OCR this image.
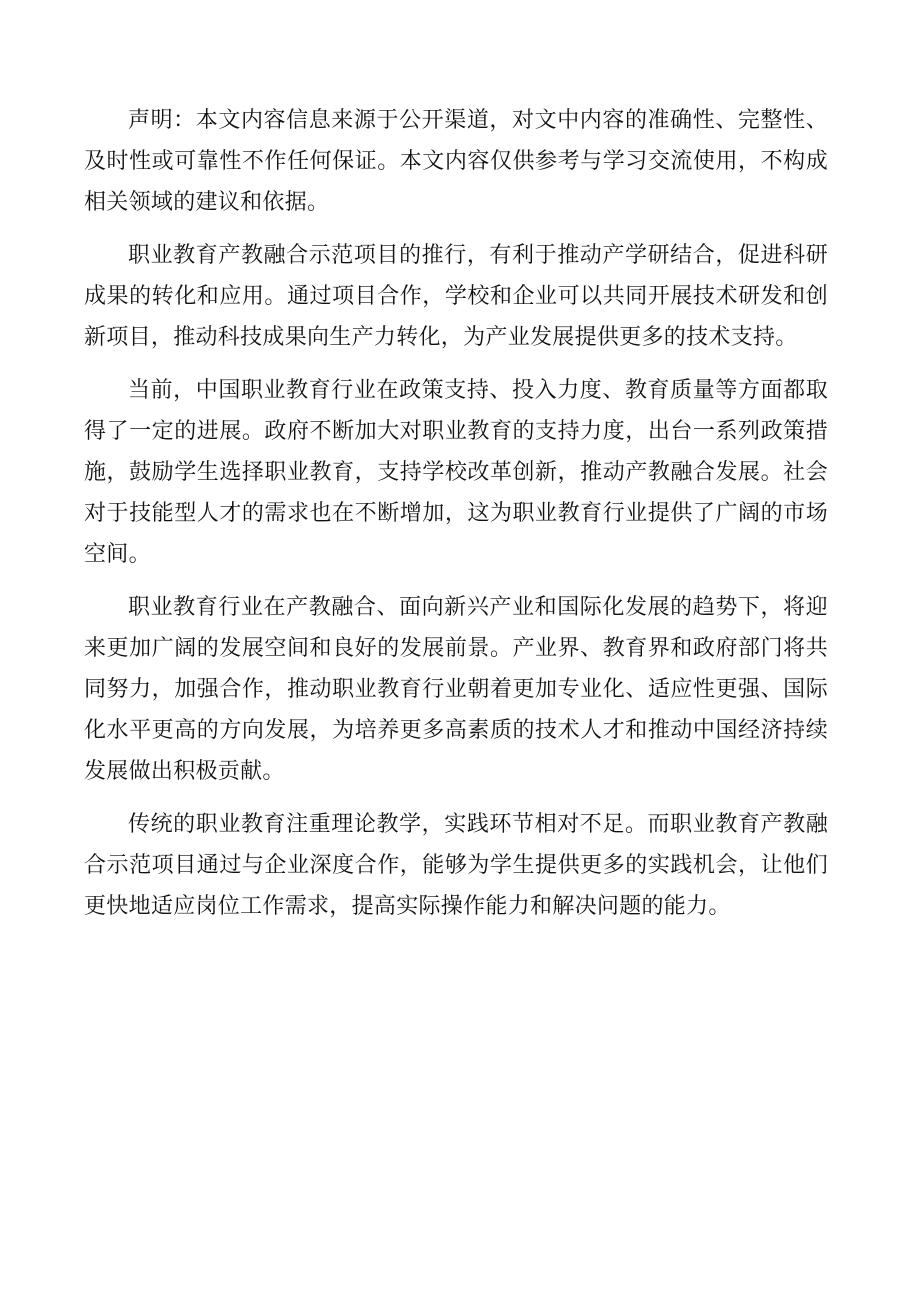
声明：本文内容信息来源于公开渠道，对文中内容的准确性、完整性、及时性或可靠性不作任何保证。本文内容仅供参考与学习交流使用，不构成相关领域的建议和依据。

职业教育产教融合示范项目的推行，有利于推动产学研结合，促进科研成果的转化和应用。通过项目合作，学校和企业可以共同开展技术研发和创新项目，推动科技成果向生产力转化，为产业发展提供更多的技术支持。

当前，中国职业教育行业在政策支持、投入力度、教育质量等方面都取得了一定的进展。政府不断加大对职业教育的支持力度，出台一系列政策措施，鼓励学生选择职业教育，支持学校改革创新，推动产教融合发展。社会对于技能型人才的需求也在不断增加，这为职业教育行业提供了广阔的市场空间。

职业教育行业在产教融合、面向新兴产业和国际化发展的趋势下，将迎来更加广阔的发展空间和良好的发展前景。产业界、教育界和政府部门将共同努力，加强合作，推动职业教育行业朝着更加专业化、适应性更强、国际化水平更高的方向发展，为培养更多高素质的技术人才和推动中国经济持续发展做出积极贡献。

传统的职业教育注重理论教学，实践环节相对不足。而职业教育产教融合示范项目通过与企业深度合作，能够为学生提供更多的实践机会，让他们更快地适应岗位工作需求，提高实际操作能力和解决问题的能力。
